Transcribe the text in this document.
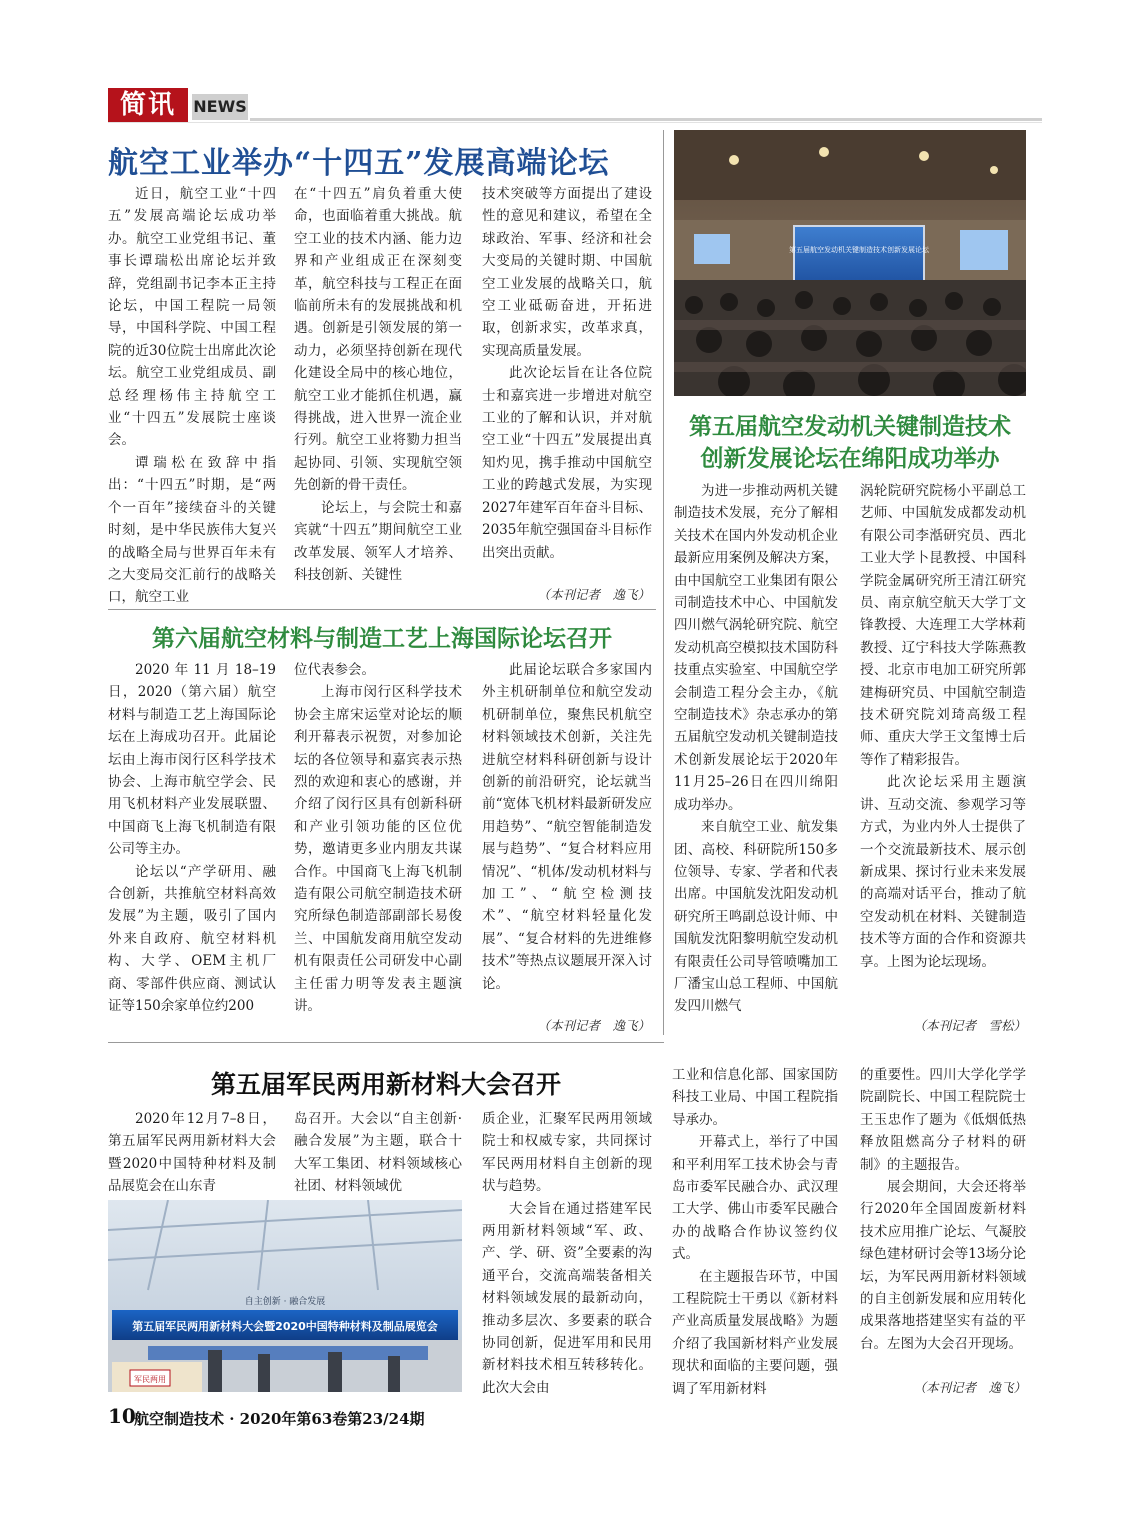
简讯	NEWS
航空工业举办“十四五”发展高端论坛

近日，航空工业“十四五”发展高端论坛成功举办。航空工业党组书记、董事长谭瑞松出席论坛并致辞，党组副书记李本正主持论坛，中国工程院一局领导，中国科学院、中国工程院的近30位院士出席此次论坛。航空工业党组成员、副总经理杨伟主持航空工业“十四五”发展院士座谈会。

谭瑞松在致辞中指出：“十四五”时期，是“两个一百年”接续奋斗的关键时刻，是中华民族伟大复兴的战略全局与世界百年未有之大变局交汇前行的战略关口，航空工业

在“十四五”肩负着重大使命，也面临着重大挑战。航空工业的技术内涵、能力边界和产业组成正在深刻变革，航空科技与工程正在面临前所未有的发展挑战和机遇。创新是引领发展的第一动力，必须坚持创新在现代化建设全局中的核心地位，航空工业才能抓住机遇，赢得挑战，进入世界一流企业行列。航空工业将勠力担当起协同、引领、实现航空领先创新的骨干责任。

论坛上，与会院士和嘉宾就“十四五”期间航空工业改革发展、领军人才培养、科技创新、关键性

技术突破等方面提出了建设性的意见和建议，希望在全球政治、军事、经济和社会大变局的关键时期、中国航空工业发展的战略关口，航空工业砥砺奋进，开拓进取，创新求实，改革求真，实现高质量发展。

此次论坛旨在让各位院士和嘉宾进一步增进对航空工业的了解和认识，并对航空工业“十四五”发展提出真知灼见，携手推动中国航空工业的跨越式发展，为实现2027年建军百年奋斗目标、2035年航空强国奋斗目标作出突出贡献。

（本刊记者　逸飞）
第五届航空发动机关键制造技术创新发展论坛
第五届航空发动机关键制造技术
创新发展论坛在绵阳成功举办

为进一步推动两机关键制造技术发展，充分了解相关技术在国内外发动机企业最新应用案例及解决方案，由中国航空工业集团有限公司制造技术中心、中国航发四川燃气涡轮研究院、航空发动机高空模拟技术国防科技重点实验室、中国航空学会制造工程分会主办，《航空制造技术》杂志承办的第五届航空发动机关键制造技术创新发展论坛于2020年11月25–26日在四川绵阳成功举办。

来自航空工业、航发集团、高校、科研院所150多位领导、专家、学者和代表出席。中国航发沈阳发动机研究所王鸣副总设计师、中国航发沈阳黎明航空发动机有限责任公司导管喷嘴加工厂潘宝山总工程师、中国航发四川燃气

涡轮院研究院杨小平副总工艺师、中国航发成都发动机有限公司李湉研究员、西北工业大学卜昆教授、中国科学院金属研究所王清江研究员、南京航空航天大学丁文锋教授、大连理工大学林莉教授、辽宁科技大学陈燕教授、北京市电加工研究所郭建梅研究员、中国航空制造技术研究院刘琦高级工程师、重庆大学王文玺博士后等作了精彩报告。

此次论坛采用主题演讲、互动交流、参观学习等方式，为业内外人士提供了一个交流最新技术、展示创新成果、探讨行业未来发展的高端对话平台，推动了航空发动机在材料、关键制造技术等方面的合作和资源共享。上图为论坛现场。

（本刊记者　雪松）
第六届航空材料与制造工艺上海国际论坛召开

2020年11月18–19日，2020（第六届）航空材料与制造工艺上海国际论坛在上海成功召开。此届论坛由上海市闵行区科学技术协会、上海市航空学会、民用飞机材料产业发展联盟、中国商飞上海飞机制造有限公司等主办。

论坛以“产学研用、融合创新，共推航空材料高效发展”为主题，吸引了国内外来自政府、航空材料机构、大学、OEM主机厂商、零部件供应商、测试认证等150余家单位约200

位代表参会。

上海市闵行区科学技术协会主席宋运堂对论坛的顺利开幕表示祝贺，对参加论坛的各位领导和嘉宾表示热烈的欢迎和衷心的感谢，并介绍了闵行区具有创新科研和产业引领功能的区位优势，邀请更多业内朋友共谋合作。中国商飞上海飞机制造有限公司航空制造技术研究所绿色制造部副部长易俊兰、中国航发商用航空发动机有限责任公司研发中心副主任雷力明等发表主题演讲。

此届论坛联合多家国内外主机研制单位和航空发动机研制单位，聚焦民机航空材料领域技术创新，关注先进航空材料科研创新与设计创新的前沿研究，论坛就当前“宽体飞机材料最新研发应用趋势”、“航空智能制造发展与趋势”、“复合材料应用情况”、“机体/发动机材料与加工”、“航空检测技术”、“航空材料轻量化发展”、“复合材料的先进维修技术”等热点议题展开深入讨论。

（本刊记者　逸飞）
第五届军民两用新材料大会召开

2020年12月7–8日，第五届军民两用新材料大会暨2020中国特种材料及制品展览会在山东青

岛召开。大会以“自主创新·融合发展”为主题，联合十大军工集团、材料领域核心社团、材料领域优

质企业，汇聚军民两用领域院士和权威专家，共同探讨军民两用材料自主创新的现状与趋势。

大会旨在通过搭建军民两用新材料领域“军、政、产、学、研、资”全要素的沟通平台，交流高端装备相关材料领域发展的最新动向，推动多层次、多要素的联合协同创新，促进军用和民用新材料技术相互转移转化。此次大会由

工业和信息化部、国家国防科技工业局、中国工程院指导承办。

开幕式上，举行了中国和平利用军工技术协会与青岛市委军民融合办、武汉理工大学、佛山市委军民融合办的战略合作协议签约仪式。

在主题报告环节，中国工程院院士干勇以《新材料产业高质量发展战略》为题介绍了我国新材料产业发展现状和面临的主要问题，强调了军用新材料

的重要性。四川大学化学学院副院长、中国工程院院士王玉忠作了题为《低烟低热释放阻燃高分子材料的研制》的主题报告。

展会期间，大会还将举行2020年全国固废新材料技术应用推广论坛、气凝胶绿色建材研讨会等13场分论坛，为军民两用新材料领域的自主创新发展和应用转化成果落地搭建坚实有益的平台。左图为大会召开现场。

（本刊记者　逸飞）
自主创新 · 融合发展
第五届军民两用新材料大会暨2020中国特种材料及制品展览会
军民两用
10
航空制造技术 · 2020年第63卷第23/24期
